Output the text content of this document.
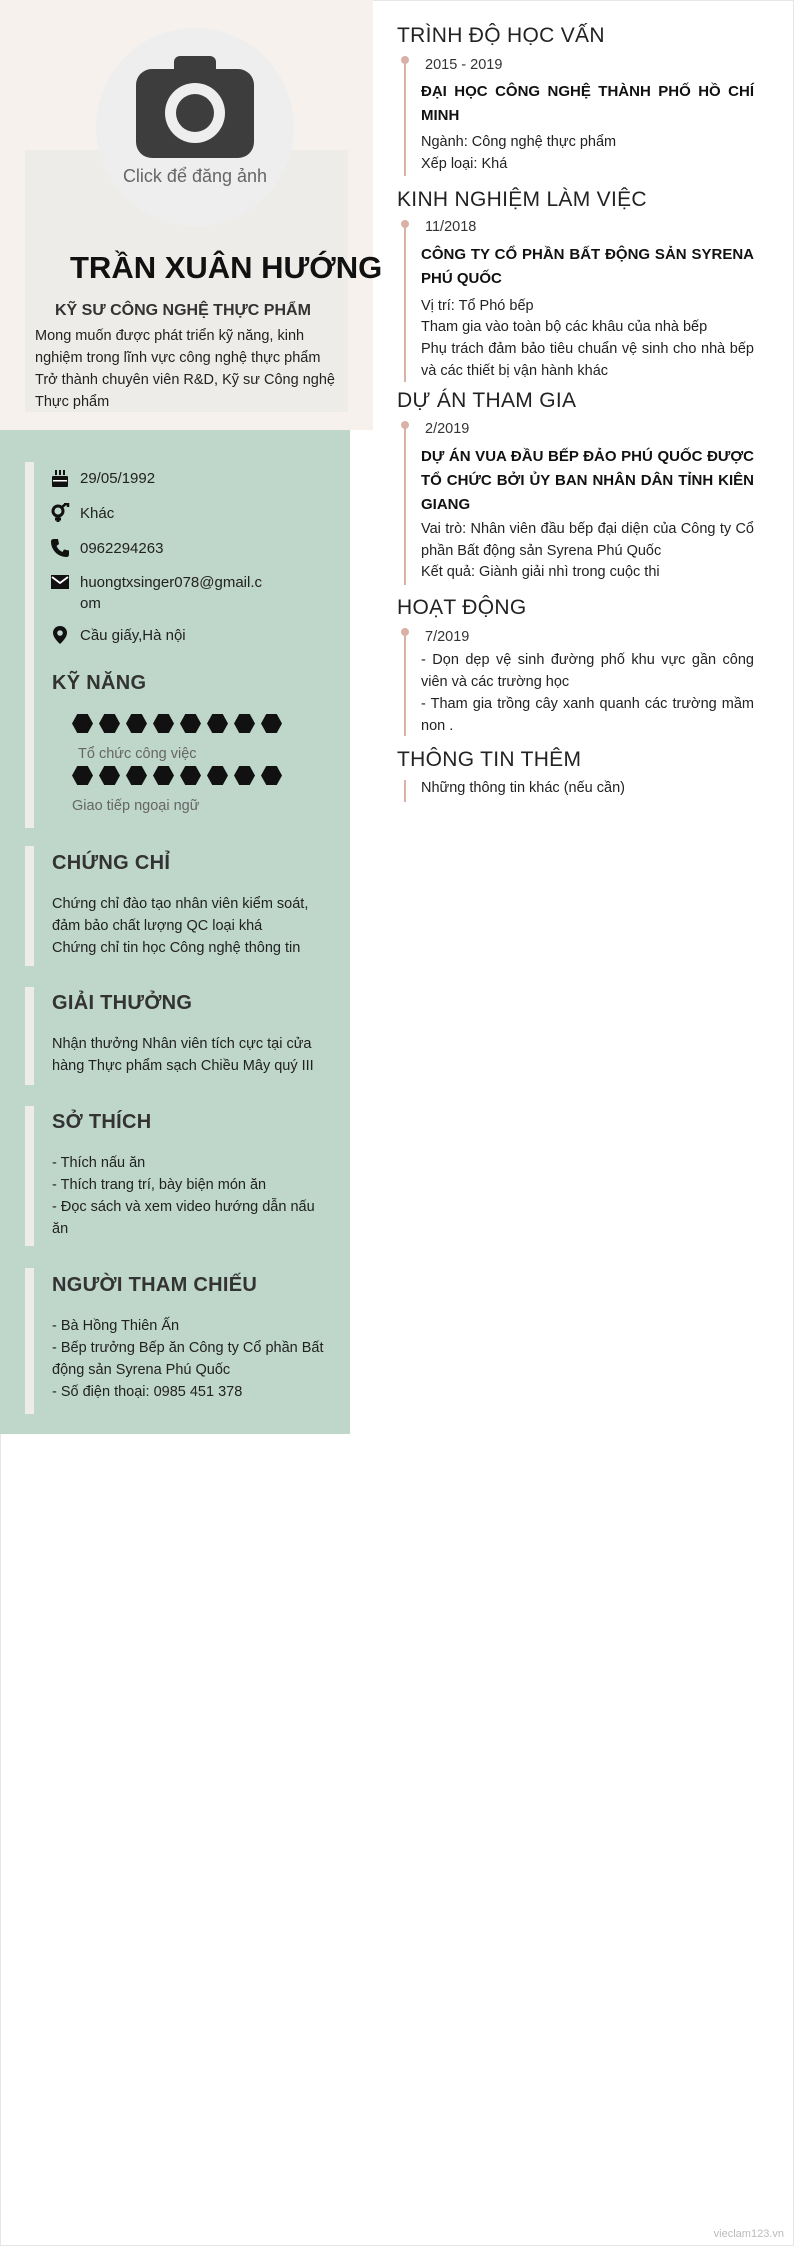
Click để đăng ảnh
TRẦN XUÂN HƯỚNG
KỸ SƯ CÔNG NGHỆ THỰC PHẨM
Mong muốn được phát triển kỹ năng, kinh nghiệm trong lĩnh vực công nghệ thực phẩm Trở thành chuyên viên R&D, Kỹ sư Công nghệ Thực phẩm
29/05/1992
Khác
0962294263
huongtxsinger078@gmail.com
Cầu giấy,Hà nội
KỸ NĂNG
Tổ chức công việc
Giao tiếp ngoại ngữ
CHỨNG CHỈ
Chứng chỉ đào tạo nhân viên kiểm soát, đảm bảo chất lượng QC loại khá
Chứng chỉ tin học Công nghệ thông tin
GIẢI THƯỞNG
Nhận thưởng Nhân viên tích cực tại cửa hàng Thực phẩm sạch Chiều Mây quý III
SỞ THÍCH
- Thích nấu ăn
- Thích trang trí, bày biện món ăn
- Đọc sách và xem video hướng dẫn nấu ăn
NGƯỜI THAM CHIẾU
- Bà Hồng Thiên Ấn
- Bếp trưởng Bếp ăn Công ty Cổ phần Bất động sản Syrena Phú Quốc
- Số điện thoại: 0985 451 378
TRÌNH ĐỘ HỌC VẤN
2015 - 2019
ĐẠI HỌC CÔNG NGHỆ THÀNH PHỐ HỒ CHÍ MINH
Ngành: Công nghệ thực phẩm
Xếp loại: Khá
KINH NGHIỆM LÀM VIỆC
11/2018
CÔNG TY CỔ PHẦN BẤT ĐỘNG SẢN SYRENA PHÚ QUỐC
Vị trí: Tổ Phó bếp
Tham gia vào toàn bộ các khâu của nhà bếp
Phụ trách đảm bảo tiêu chuẩn vệ sinh cho nhà bếp và các thiết bị vận hành khác
DỰ ÁN THAM GIA
2/2019
DỰ ÁN VUA ĐẦU BẾP ĐẢO PHÚ QUỐC ĐƯỢC TỔ CHỨC BỞI ỦY BAN NHÂN DÂN TỈNH KIÊN GIANG
Vai trò: Nhân viên đầu bếp đại diện của Công ty Cổ phần Bất động sản Syrena Phú Quốc
Kết quả: Giành giải nhì trong cuộc thi
HOẠT ĐỘNG
7/2019
- Dọn dẹp vệ sinh đường phố khu vực gần công viên và các trường học
- Tham gia trồng cây xanh quanh các trường mầm non .
THÔNG TIN THÊM
Những thông tin khác (nếu cần)
vieclam123.vn
